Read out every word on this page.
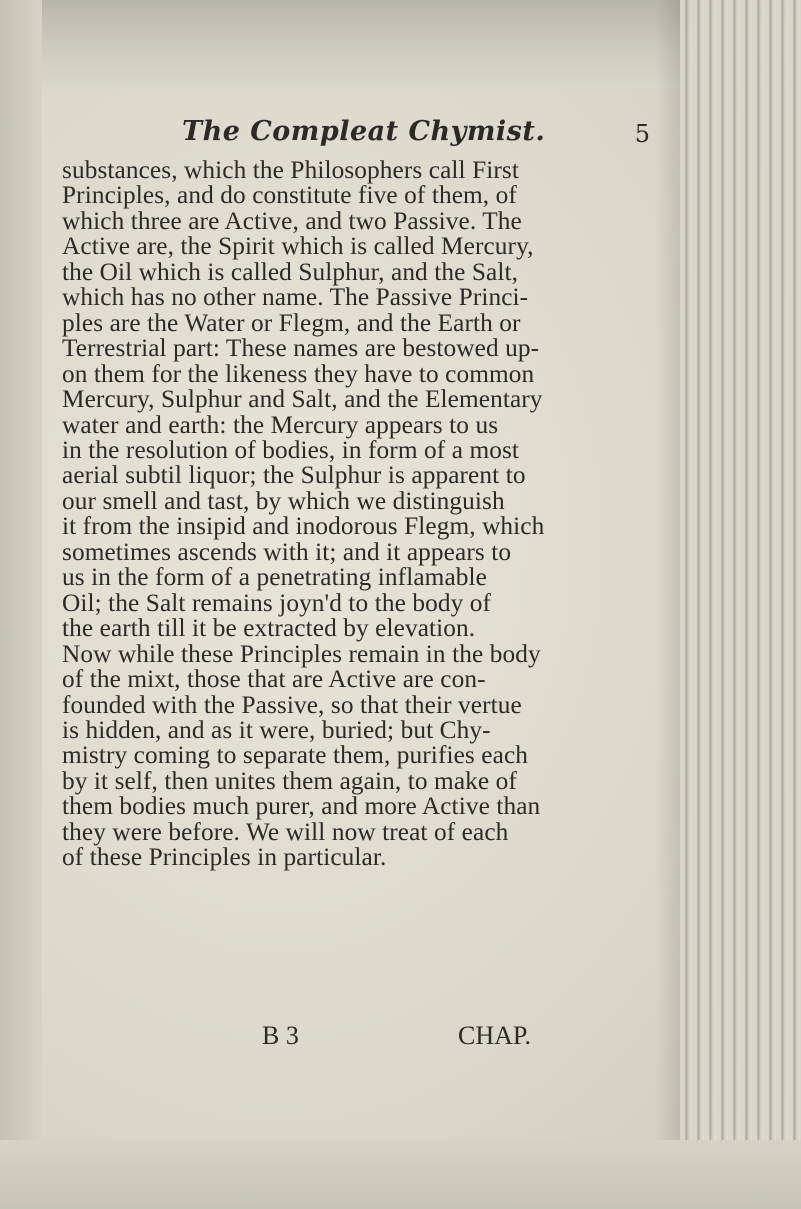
The Compleat Chymist.	5

substances, which the Philosophers call First
Principles, and do constitute five of them, of
which three are Active, and two Passive. The
Active are, the Spirit which is called Mercury,
the Oil which is called Sulphur, and the Salt,
which has no other name. The Passive Princi-
ples are the Water or Flegm, and the Earth or
Terrestrial part: These names are bestowed up-
on them for the likeness they have to common
Mercury, Sulphur and Salt, and the Elementary
water and earth: the Mercury appears to us
in the resolution of bodies, in form of a most
aerial subtil liquor; the Sulphur is apparent to
our smell and tast, by which we distinguish
it from the insipid and inodorous Flegm, which
sometimes ascends with it; and it appears to
us in the form of a penetrating inflamable
Oil; the Salt remains joyn'd to the body of
the earth till it be extracted by elevation.
Now while these Principles remain in the body
of the mixt, those that are Active are con-
founded with the Passive, so that their vertue
is hidden, and as it were, buried; but Chy-
mistry coming to separate them, purifies each
by it self, then unites them again, to make of
them bodies much purer, and more Active than
they were before. We will now treat of each
of these Principles in particular.

B 3	CHAP.
